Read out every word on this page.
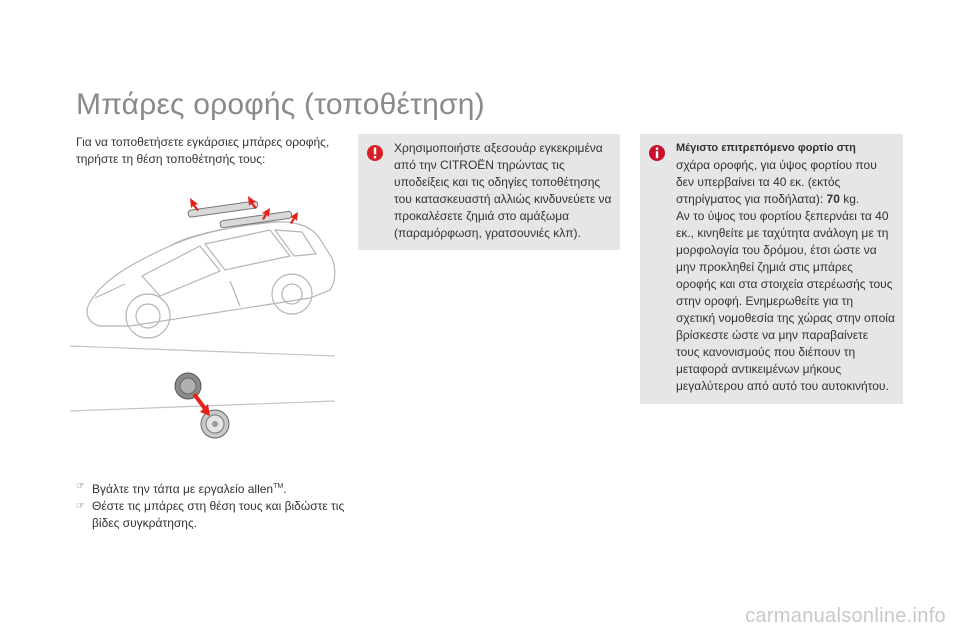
Μπάρες οροφής (τοποθέτηση)
Για να τοποθετήσετε εγκάρσιες μπάρες οροφής, τηρήστε τη θέση τοποθέτησής τους:
☞ Βγάλτε την τάπα με εργαλείο allen™.
☞ Θέστε τις μπάρες στη θέση τους και βιδώστε τις βίδες συγκράτησης.
Χρησιμοποιήστε αξεσουάρ εγκεκριμένα από την CITROËN τηρώντας τις υποδείξεις και τις οδηγίες τοποθέτησης του κατασκευαστή αλλιώς κινδυνεύετε να προκαλέσετε ζημιά στο αμάξωμα (παραμόρφωση, γρατσουνιές κλπ).
Μέγιστο επιτρεπόμενο φορτίο στη
σχάρα οροφής, για ύψος φορτίου που δεν υπερβαίνει τα 40 εκ. (εκτός στηρίγματος για ποδήλατα): 70 kg.
Αν το ύψος του φορτίου ξεπερνάει τα 40 εκ., κινηθείτε με ταχύτητα ανάλογη με τη μορφολογία του δρόμου, έτσι ώστε να μην προκληθεί ζημιά στις μπάρες οροφής και στα στοιχεία στερέωσής τους στην οροφή. Ενημερωθείτε για τη σχετική νομοθεσία της χώρας στην οποία βρίσκεστε ώστε να μην παραβαίνετε τους κανονισμούς που διέπουν τη μεταφορά αντικειμένων μήκους μεγαλύτερου από αυτό του αυτοκινήτου.
carmanualsonline.info
